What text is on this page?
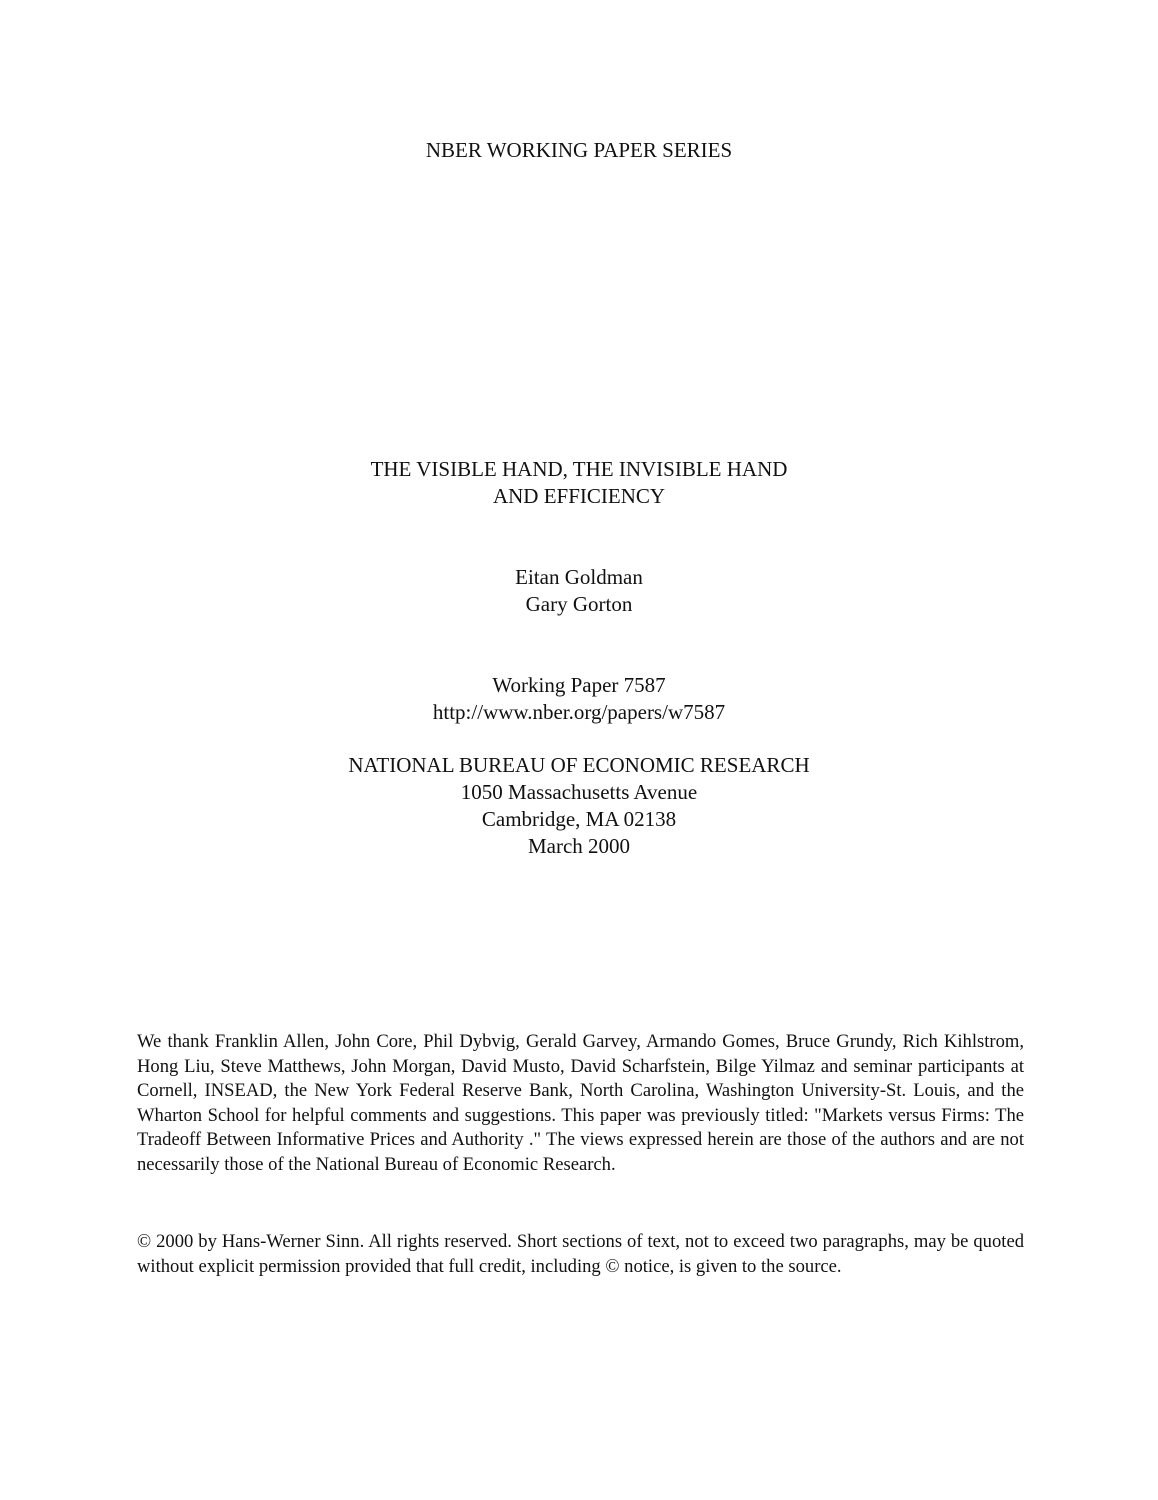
NBER WORKING PAPER SERIES
THE VISIBLE HAND, THE INVISIBLE HAND
AND EFFICIENCY
Eitan Goldman
Gary Gorton
Working Paper 7587
http://www.nber.org/papers/w7587
NATIONAL BUREAU OF ECONOMIC RESEARCH
1050 Massachusetts Avenue
Cambridge, MA 02138
March 2000

We thank Franklin Allen, John Core, Phil Dybvig, Gerald Garvey, Armando Gomes, Bruce Grundy, Rich Kihlstrom, Hong Liu, Steve Matthews, John Morgan, David Musto, David Scharfstein, Bilge Yilmaz and seminar participants at Cornell, INSEAD, the New York Federal Reserve Bank, North Carolina, Washington University-St. Louis, and the Wharton School for helpful comments and suggestions. This paper was previously titled: "Markets versus Firms: The Tradeoff Between Informative Prices and Authority ." The views expressed herein are those of the authors and are not necessarily those of the National Bureau of Economic Research.

© 2000 by Hans-Werner Sinn. All rights reserved. Short sections of text, not to exceed two paragraphs, may be quoted without explicit permission provided that full credit, including © notice, is given to the source.
